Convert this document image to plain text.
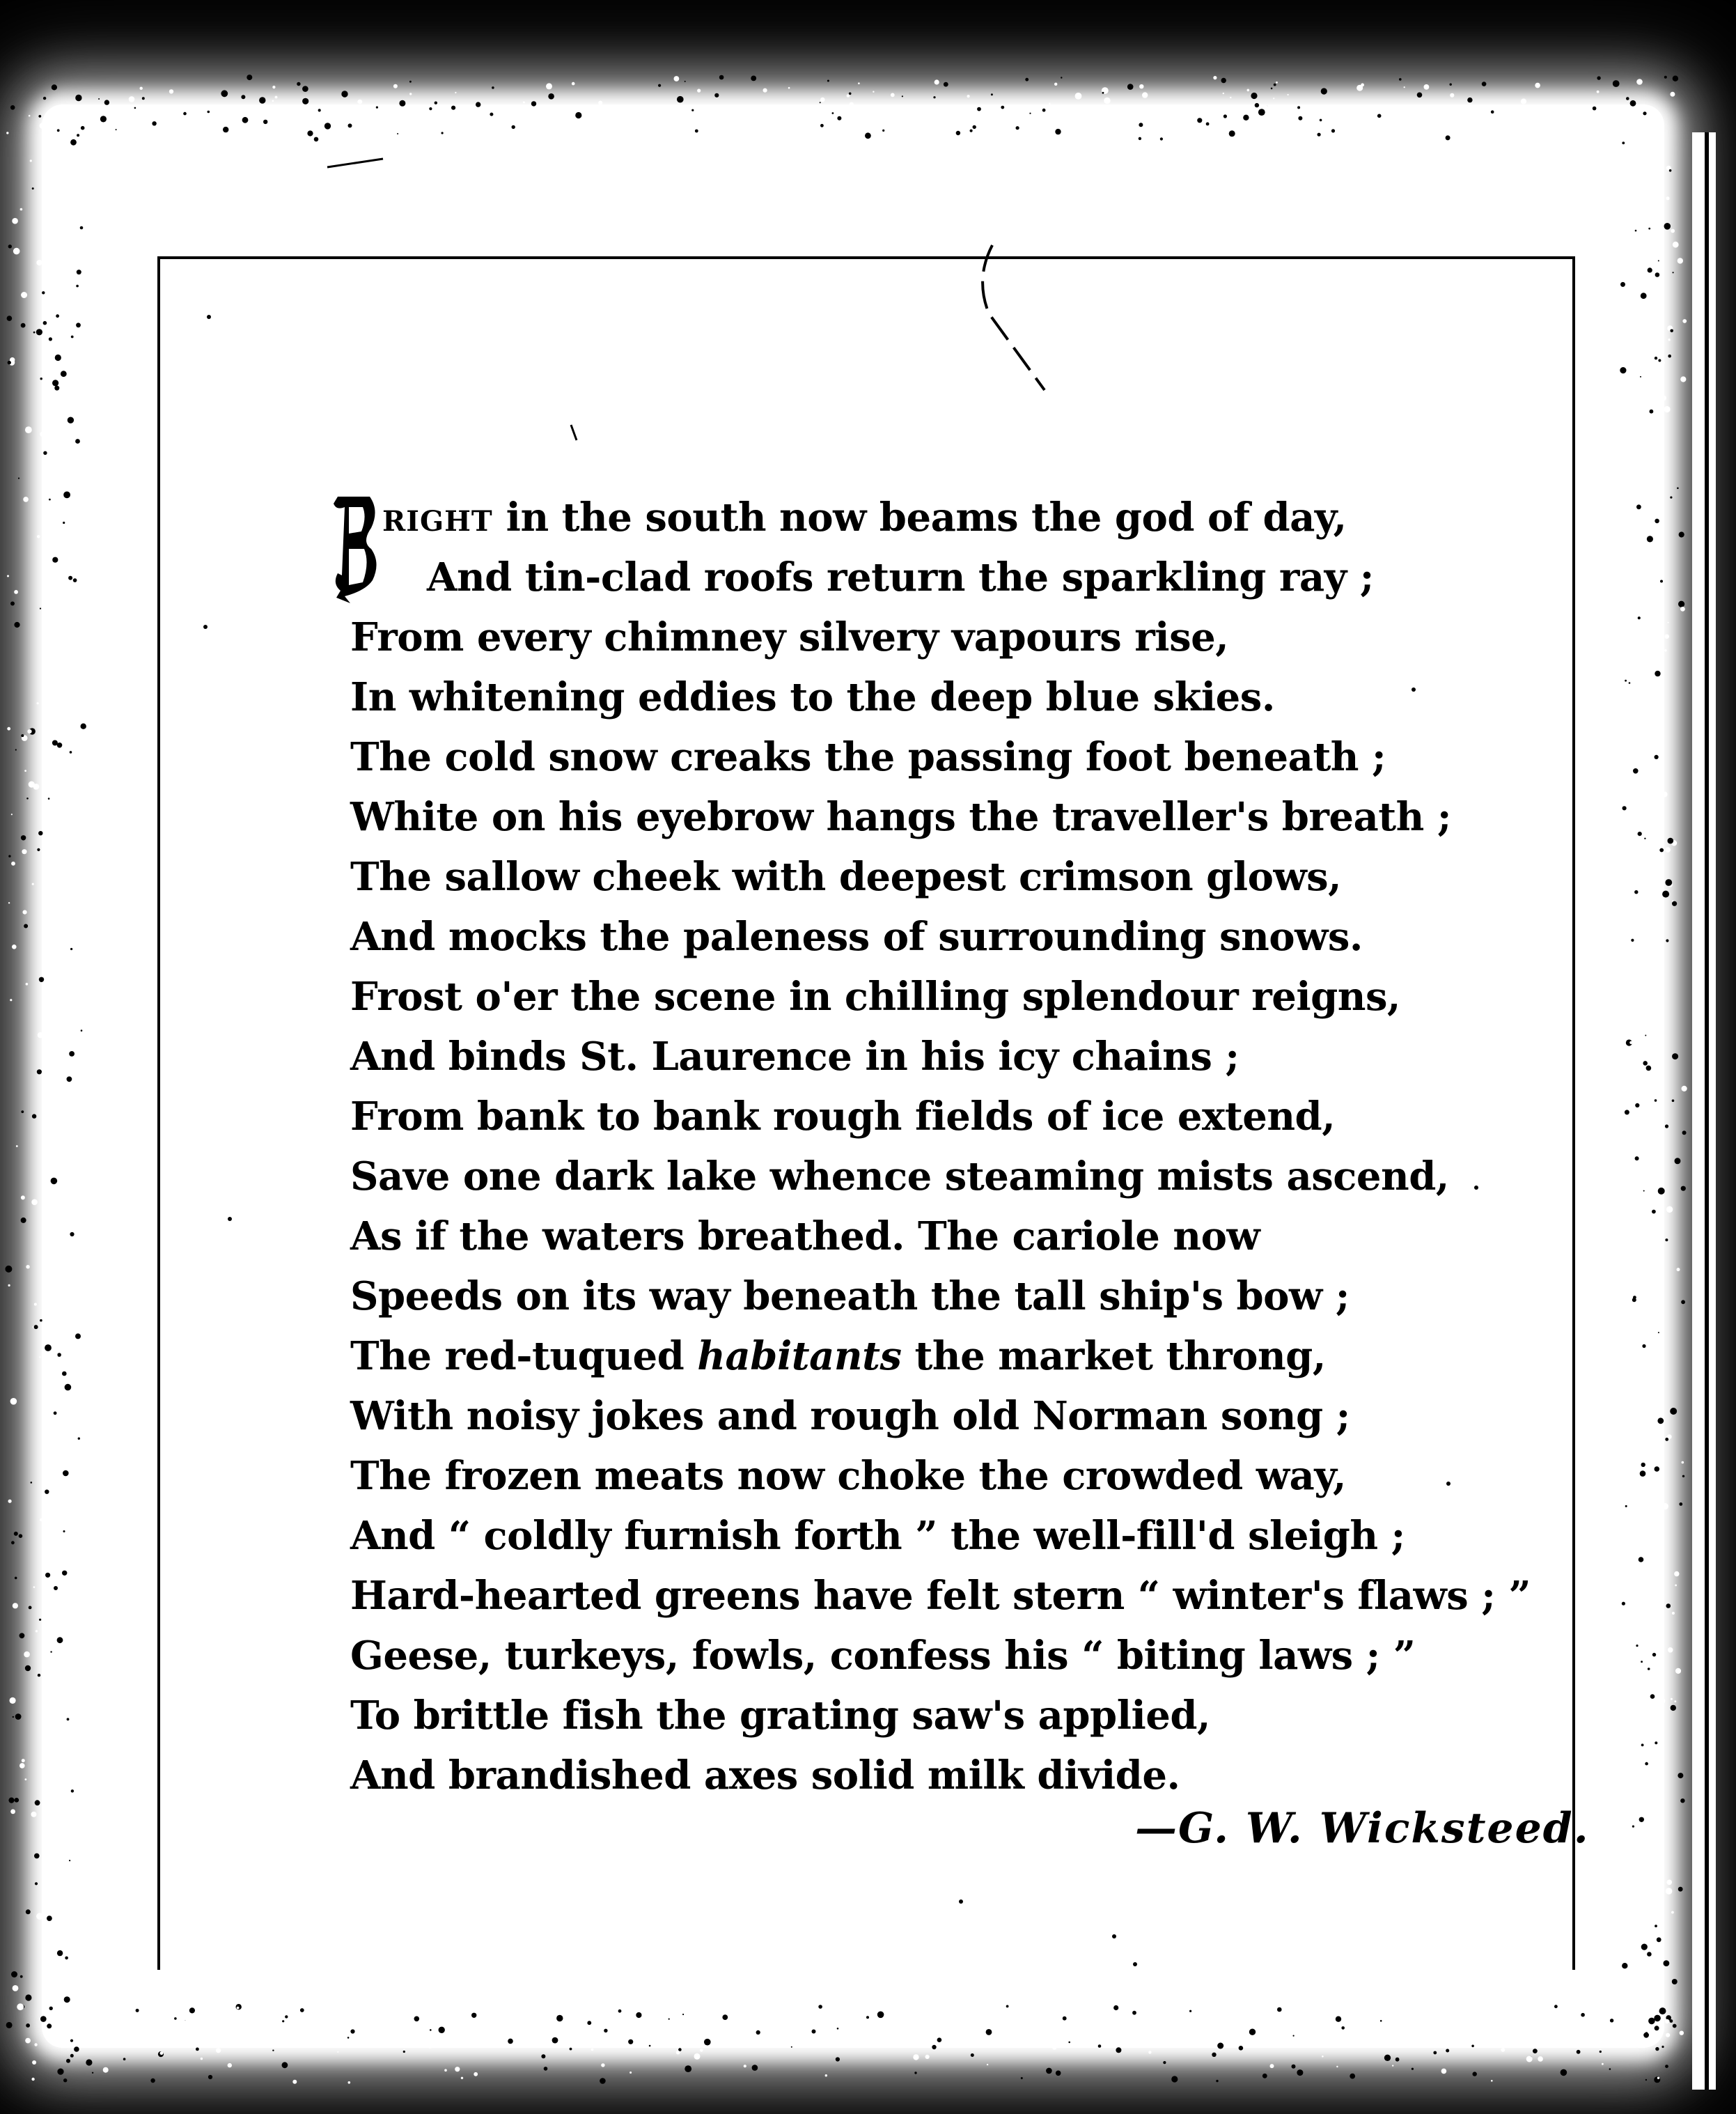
RIGHT in the south now beams the god of day,
And tin-clad roofs return the sparkling ray ;
From every chimney silvery vapours rise,
In whitening eddies to the deep blue skies.
The cold snow creaks the passing foot beneath ;
White on his eyebrow hangs the traveller's breath ;
The sallow cheek with deepest crimson glows,
And mocks the paleness of surrounding snows.
Frost o'er the scene in chilling splendour reigns,
And binds St. Laurence in his icy chains ;
From bank to bank rough fields of ice extend,
Save one dark lake whence steaming mists ascend,
As if the waters breathed. The cariole now
Speeds on its way beneath the tall ship's bow ;
The red-tuqued habitants the market throng,
With noisy jokes and rough old Norman song ;
The frozen meats now choke the crowded way,
And “ coldly furnish forth ” the well-fill'd sleigh ;
Hard-hearted greens have felt stern “ winter's flaws ; ”
Geese, turkeys, fowls, confess his “ biting laws ; ”
To brittle fish the grating saw's applied,
And brandished axes solid milk divide.
—G. W. Wicksteed.
